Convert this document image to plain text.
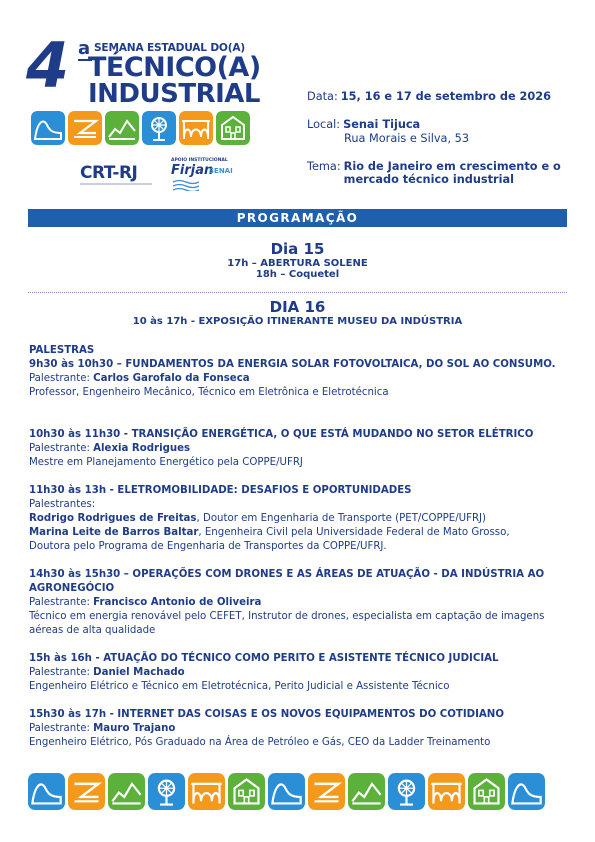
4 a SEMANA ESTADUAL DO(A)
TÉCNICO(A)
INDUSTRIAL
CRT-RJ
APOIO INSTITUCIONAL
Firjan
SENAI
Data: 15, 16 e 17 de setembro de 2026
Local: Senai Tijuca
Rua Morais e Silva, 53
Tema: Rio de Janeiro em crescimento e o mercado técnico industrial
PROGRAMAÇÃO
Dia 15
17h – ABERTURA SOLENE
18h – Coquetel
DIA 16
10 às 17h - EXPOSIÇÃO ITINERANTE MUSEU DA INDÚSTRIA
PALESTRAS
9h30 às 10h30 – FUNDAMENTOS DA ENERGIA SOLAR FOTOVOLTAICA, DO SOL AO CONSUMO.
Palestrante: Carlos Garofalo da Fonseca
Professor, Engenheiro Mecânico, Técnico em Eletrônica e Eletrotécnica
10h30 às 11h30 - TRANSIÇÃO ENERGÉTICA, O QUE ESTÁ MUDANDO NO SETOR ELÉTRICO
Palestrante: Alexia Rodrigues
Mestre em Planejamento Energético pela COPPE/UFRJ
11h30 às 13h - ELETROMOBILIDADE: DESAFIOS E OPORTUNIDADES
Palestrantes:
Rodrigo Rodrigues de Freitas, Doutor em Engenharia de Transporte (PET/COPPE/UFRJ)
Marina Leite de Barros Baltar, Engenheira Civil pela Universidade Federal de Mato Grosso,
Doutora pelo Programa de Engenharia de Transportes da COPPE/UFRJ.
14h30 às 15h30 – OPERAÇÕES COM DRONES E AS ÁREAS DE ATUAÇÃO - DA INDÚSTRIA AO AGRONEGÓCIO
Palestrante: Francisco Antonio de Oliveira
Técnico em energia renovável pelo CEFET, Instrutor de drones, especialista em captação de imagens aéreas de alta qualidade
15h às 16h - ATUAÇÃO DO TÉCNICO COMO PERITO E ASISTENTE TÉCNICO JUDICIAL
Palestrante: Daniel Machado
Engenheiro Elétrico e Técnico em Eletrotécnica, Perito Judicial e Assistente Técnico
15h30 às 17h - INTERNET DAS COISAS E OS NOVOS EQUIPAMENTOS DO COTIDIANO
Palestrante: Mauro Trajano
Engenheiro Elétrico, Pós Graduado na Área de Petróleo e Gás, CEO da Ladder Treinamento
